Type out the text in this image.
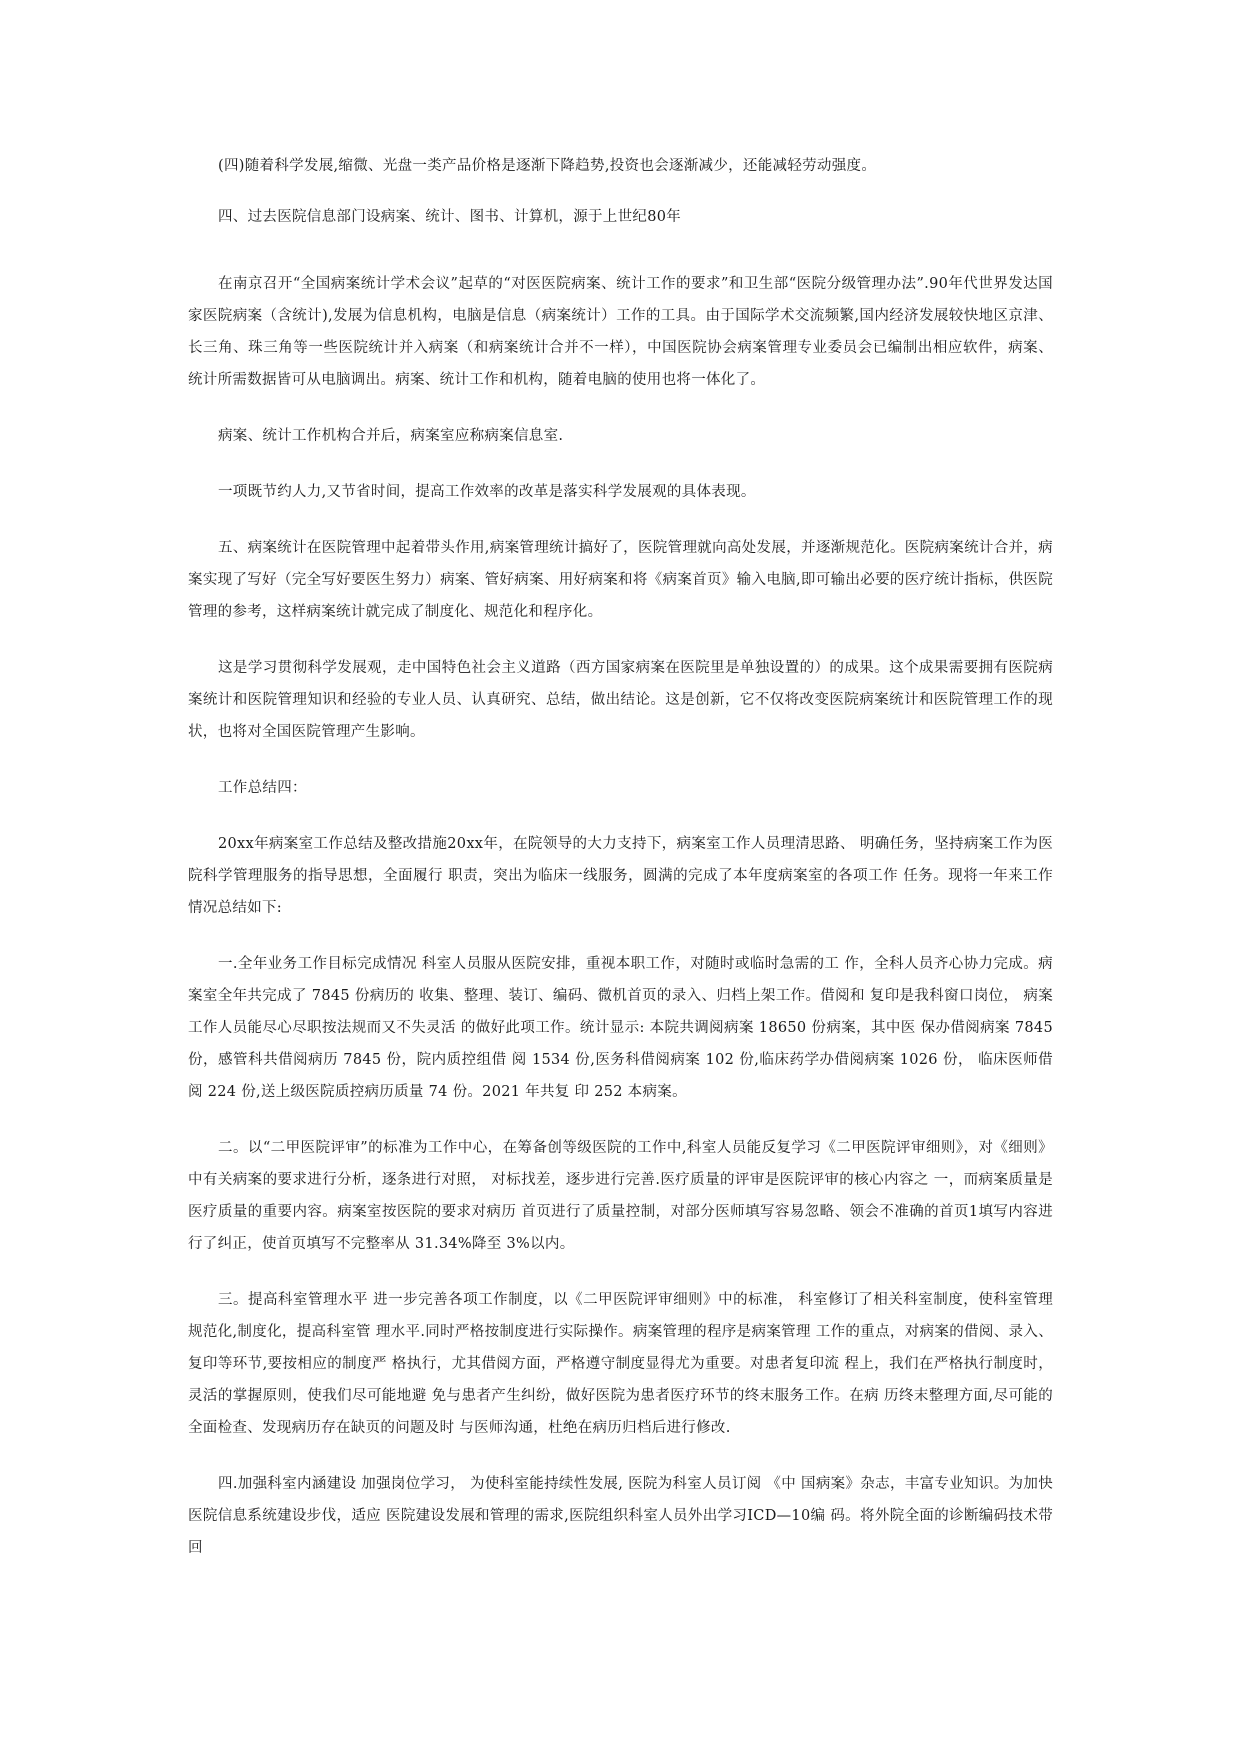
(四)随着科学发展,缩微、光盘一类产品价格是逐渐下降趋势,投资也会逐渐减少，还能减轻劳动强度。

四、过去医院信息部门设病案、统计、图书、计算机，源于上世纪80年

在南京召开“全国病案统计学术会议”起草的“对医医院病案、统计工作的要求”和卫生部“医院分级管理办法”.90年代世界发达国家医院病案（含统计),发展为信息机构，电脑是信息（病案统计）工作的工具。由于国际学术交流频繁,国内经济发展较快地区京津、长三角、珠三角等一些医院统计并入病案（和病案统计合并不一样），中国医院协会病案管理专业委员会已编制出相应软件，病案、统计所需数据皆可从电脑调出。病案、统计工作和机构，随着电脑的使用也将一体化了。

病案、统计工作机构合并后，病案室应称病案信息室.

一项既节约人力,又节省时间，提高工作效率的改革是落实科学发展观的具体表现。

五、病案统计在医院管理中起着带头作用,病案管理统计搞好了，医院管理就向高处发展，并逐渐规范化。医院病案统计合并，病案实现了写好（完全写好要医生努力）病案、管好病案、用好病案和将《病案首页》输入电脑,即可输出必要的医疗统计指标，供医院管理的参考，这样病案统计就完成了制度化、规范化和程序化。

这是学习贯彻科学发展观，走中国特色社会主义道路（西方国家病案在医院里是单独设置的）的成果。这个成果需要拥有医院病案统计和医院管理知识和经验的专业人员、认真研究、总结，做出结论。这是创新，它不仅将改变医院病案统计和医院管理工作的现状，也将对全国医院管理产生影响。

工作总结四：

20xx年病案室工作总结及整改措施20xx年，在院领导的大力支持下，病案室工作人员理清思路、 明确任务，坚持病案工作为医院科学管理服务的指导思想，全面履行 职责，突出为临床一线服务，圆满的完成了本年度病案室的各项工作 任务。现将一年来工作情况总结如下:

一.全年业务工作目标完成情况 科室人员服从医院安排，重视本职工作，对随时或临时急需的工 作，全科人员齐心协力完成。病案室全年共完成了 7845 份病历的 收集、整理、装订、编码、微机首页的录入、归档上架工作。借阅和 复印是我科窗口岗位， 病案工作人员能尽心尽职按法规而又不失灵活 的做好此项工作。统计显示: 本院共调阅病案 18650 份病案，其中医 保办借阅病案 7845 份，感管科共借阅病历 7845 份，院内质控组借 阅 1534 份,医务科借阅病案 102 份,临床药学办借阅病案 1026 份， 临床医师借阅 224 份,送上级医院质控病历质量 74 份。2021 年共复 印 252 本病案。

二。以“二甲医院评审”的标准为工作中心，在筹备创等级医院的工作中,科室人员能反复学习《二甲医院评审细则》，对《细则》中有关病案的要求进行分析，逐条进行对照， 对标找差，逐步进行完善.医疗质量的评审是医院评审的核心内容之 一，而病案质量是医疗质量的重要内容。病案室按医院的要求对病历 首页进行了质量控制，对部分医师填写容易忽略、领会不准确的首页1填写内容进行了纠正，使首页填写不完整率从 31.34%降至 3%以内。

三。提高科室管理水平 进一步完善各项工作制度，以《二甲医院评审细则》中的标准， 科室修订了相关科室制度，使科室管理规范化,制度化，提高科室管 理水平.同时严格按制度进行实际操作。病案管理的程序是病案管理 工作的重点，对病案的借阅、录入、复印等环节,要按相应的制度严 格执行，尤其借阅方面，严格遵守制度显得尤为重要。对患者复印流 程上，我们在严格执行制度时，灵活的掌握原则，使我们尽可能地避 免与患者产生纠纷，做好医院为患者医疗环节的终末服务工作。在病 历终末整理方面,尽可能的全面检查、发现病历存在缺页的问题及时 与医师沟通，杜绝在病历归档后进行修改.

四.加强科室内涵建设 加强岗位学习， 为使科室能持续性发展, 医院为科室人员订阅 《中 国病案》杂志，丰富专业知识。为加快医院信息系统建设步伐，适应 医院建设发展和管理的需求,医院组织科室人员外出学习ICD—10编 码。将外院全面的诊断编码技术带回
